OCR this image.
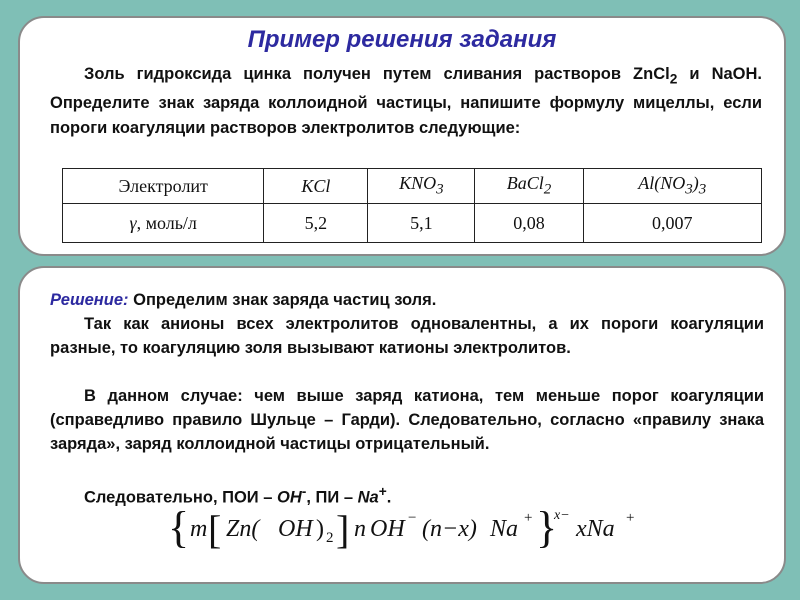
Пример решения задания
Золь гидроксида цинка получен путем сливания растворов ZnCl$_2$ и NaOH. Определите знак заряда коллоидной частицы, напишите формулу мицеллы, если пороги коагуляции растворов электролитов следующие:
Электролит	KCl	$KNO_3$	BaCl$_2$	$Al(NO_3)_3$
γ, моль/л	5,2	5,1	0,08	0,007
Решение: Определим знак заряда частиц золя.
Так как анионы всех электролитов одновалентны, а их пороги коагуляции разные, то коагуляцию золя вызывают катионы электролитов.
В данном случае: чем выше заряд катиона, тем меньше порог коагуляции (справедливо правило Шульце – Гарди). Следовательно, согласно «правилу знака заряда», заряд коллоидной частицы отрицательный.
Следовательно, ПОИ – OH-, ПИ – Na+.
{ m [ Zn( OH ) 2 ] n OH − (n−x) Na + }
x−
xNa +
